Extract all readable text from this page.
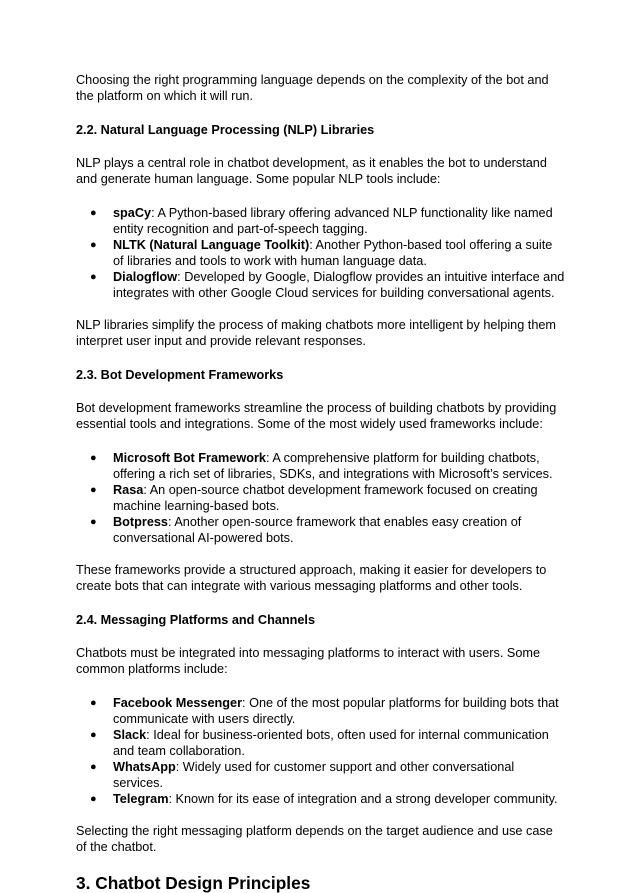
Choosing the right programming language depends on the complexity of the bot and the platform on which it will run.

2.2. Natural Language Processing (NLP) Libraries

NLP plays a central role in chatbot development, as it enables the bot to understand and generate human language. Some popular NLP tools include:

● spaCy: A Python-based library offering advanced NLP functionality like named entity recognition and part-of-speech tagging.
● NLTK (Natural Language Toolkit): Another Python-based tool offering a suite of libraries and tools to work with human language data.
● Dialogflow: Developed by Google, Dialogflow provides an intuitive interface and integrates with other Google Cloud services for building conversational agents.

NLP libraries simplify the process of making chatbots more intelligent by helping them interpret user input and provide relevant responses.

2.3. Bot Development Frameworks

Bot development frameworks streamline the process of building chatbots by providing essential tools and integrations. Some of the most widely used frameworks include:

● Microsoft Bot Framework: A comprehensive platform for building chatbots, offering a rich set of libraries, SDKs, and integrations with Microsoft’s services.
● Rasa: An open-source chatbot development framework focused on creating machine learning-based bots.
● Botpress: Another open-source framework that enables easy creation of conversational AI-powered bots.

These frameworks provide a structured approach, making it easier for developers to create bots that can integrate with various messaging platforms and other tools.

2.4. Messaging Platforms and Channels

Chatbots must be integrated into messaging platforms to interact with users. Some common platforms include:

● Facebook Messenger: One of the most popular platforms for building bots that communicate with users directly.
● Slack: Ideal for business-oriented bots, often used for internal communication and team collaboration.
● WhatsApp: Widely used for customer support and other conversational services.
● Telegram: Known for its ease of integration and a strong developer community.

Selecting the right messaging platform depends on the target audience and use case of the chatbot.

3. Chatbot Design Principles
